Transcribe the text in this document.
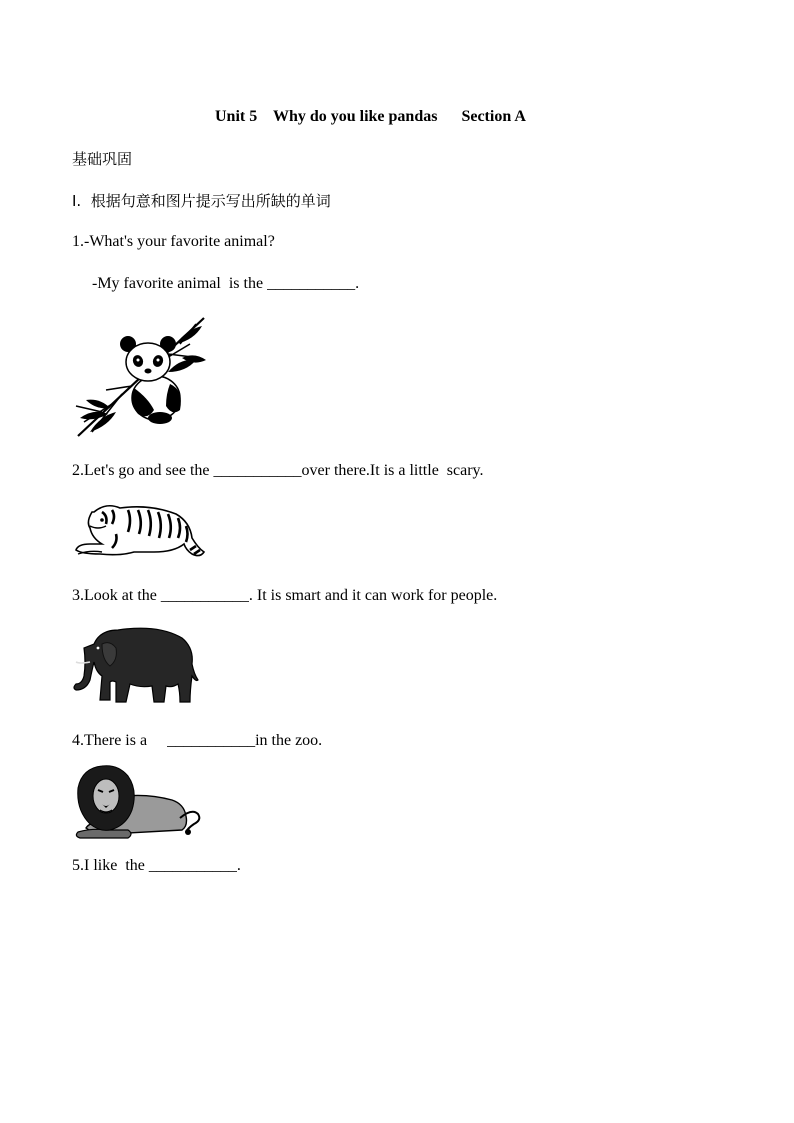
Unit 5    Why do you like pandas      Section A
基础巩固
I.  根据句意和图片提示写出所缺的单词
1.-What's your favorite animal?
-My favorite animal  is the ___________.
2.Let's go and see the ___________over there.It is a little  scary.
3.Look at the ___________. It is smart and it can work for people.
4.There is a     ___________in the zoo.
5.I like  the ___________.
